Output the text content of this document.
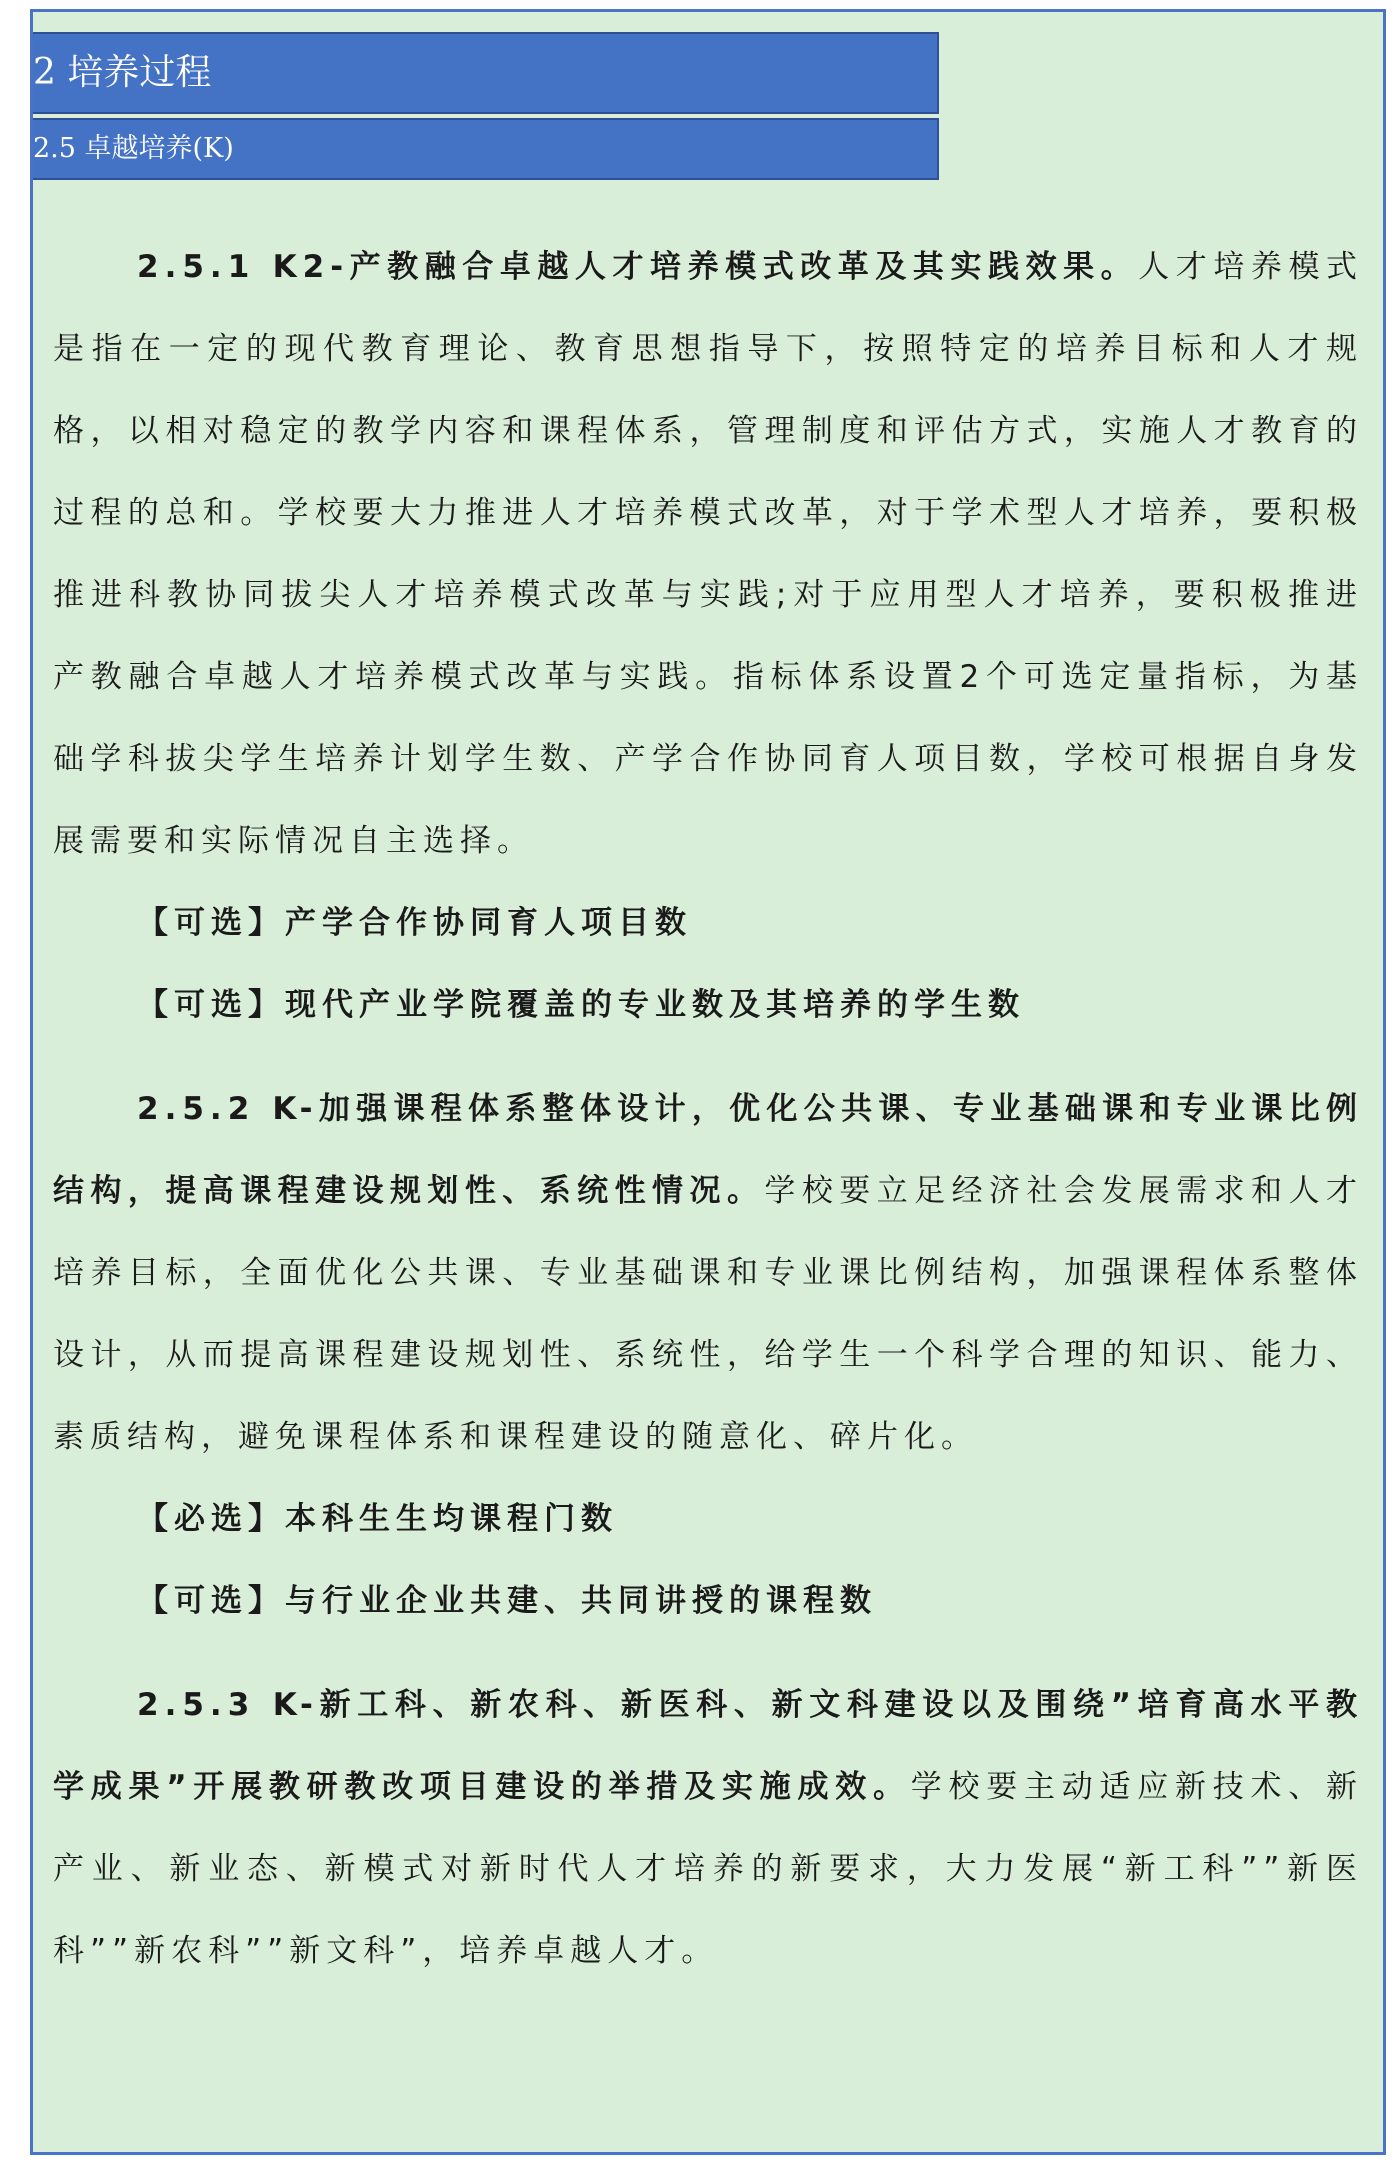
2 培养过程
2.5 卓越培养(K)

2.5.1 K2-产教融合卓越人才培养模式改革及其实践效果。人才培养模式是指在一定的现代教育理论、教育思想指导下，按照特定的培养目标和人才规格，以相对稳定的教学内容和课程体系，管理制度和评估方式，实施人才教育的过程的总和。学校要大力推进人才培养模式改革，对于学术型人才培养，要积极推进科教协同拔尖人才培养模式改革与实践;对于应用型人才培养，要积极推进产教融合卓越人才培养模式改革与实践。指标体系设置2个可选定量指标，为基础学科拔尖学生培养计划学生数、产学合作协同育人项目数，学校可根据自身发展需要和实际情况自主选择。

【可选】产学合作协同育人项目数

【可选】现代产业学院覆盖的专业数及其培养的学生数

2.5.2 K-加强课程体系整体设计，优化公共课、专业基础课和专业课比例结构，提高课程建设规划性、系统性情况。学校要立足经济社会发展需求和人才培养目标，全面优化公共课、专业基础课和专业课比例结构，加强课程体系整体设计，从而提高课程建设规划性、系统性，给学生一个科学合理的知识、能力、素质结构，避免课程体系和课程建设的随意化、碎片化。

【必选】本科生生均课程门数

【可选】与行业企业共建、共同讲授的课程数

2.5.3 K-新工科、新农科、新医科、新文科建设以及围绕”培育高水平教学成果”开展教研教改项目建设的举措及实施成效。学校要主动适应新技术、新产业、新业态、新模式对新时代人才培养的新要求，大力发展“新工科””新医科””新农科””新文科”，培养卓越人才。
